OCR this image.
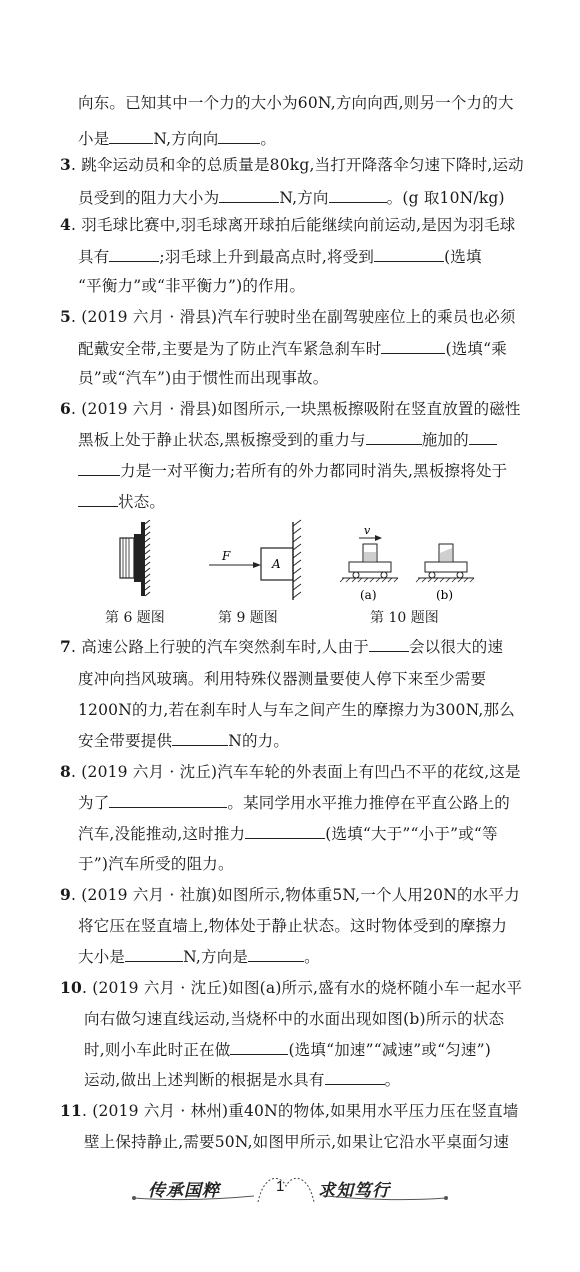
向东。已知其中一个力的大小为60N,方向向西,则另一个力的大
小是	N,方向向	。
3. 跳伞运动员和伞的总质量是80kg,当打开降落伞匀速下降时,运动
员受到的阻力大小为	N,方向	。(g 取10N/kg)
4. 羽毛球比赛中,羽毛球离开球拍后能继续向前运动,是因为羽毛球
具有	;羽毛球上升到最高点时,将受到	(选填
“平衡力”或“非平衡力”)的作用。
5. (2019 六月 · 滑县)汽车行驶时坐在副驾驶座位上的乘员也必须
配戴安全带,主要是为了防止汽车紧急刹车时	(选填“乘
员”或“汽车”)由于惯性而出现事故。
6. (2019 六月 · 滑县)如图所示,一块黑板擦吸附在竖直放置的磁性
黑板上处于静止状态,黑板擦受到的重力与	施加的
力是一对平衡力;若所有的外力都同时消失,黑板擦将处于
状态。
F
A
v
(a)	(b)
第 6 题图	第 9 题图	第 10 题图
7. 高速公路上行驶的汽车突然刹车时,人由于	会以很大的速
度冲向挡风玻璃。利用特殊仪器测量要使人停下来至少需要
1200N的力,若在刹车时人与车之间产生的摩擦力为300N,那么
安全带要提供	N的力。
8. (2019 六月 · 沈丘)汽车车轮的外表面上有凹凸不平的花纹,这是
为了	。某同学用水平推力推停在平直公路上的
汽车,没能推动,这时推力	(选填“大于”“小于”或“等
于”)汽车所受的阻力。
9. (2019 六月 · 社旗)如图所示,物体重5N,一个人用20N的水平力
将它压在竖直墙上,物体处于静止状态。这时物体受到的摩擦力
大小是	N,方向是	。
10. (2019 六月 · 沈丘)如图(a)所示,盛有水的烧杯随小车一起水平
向右做匀速直线运动,当烧杯中的水面出现如图(b)所示的状态
时,则小车此时正在做	(选填“加速”“减速”或“匀速”)
运动,做出上述判断的根据是水具有	。
11. (2019 六月 · 林州)重40N的物体,如果用水平压力压在竖直墙
壁上保持静止,需要50N,如图甲所示,如果让它沿水平桌面匀速
传承国粹	1 求知笃行
